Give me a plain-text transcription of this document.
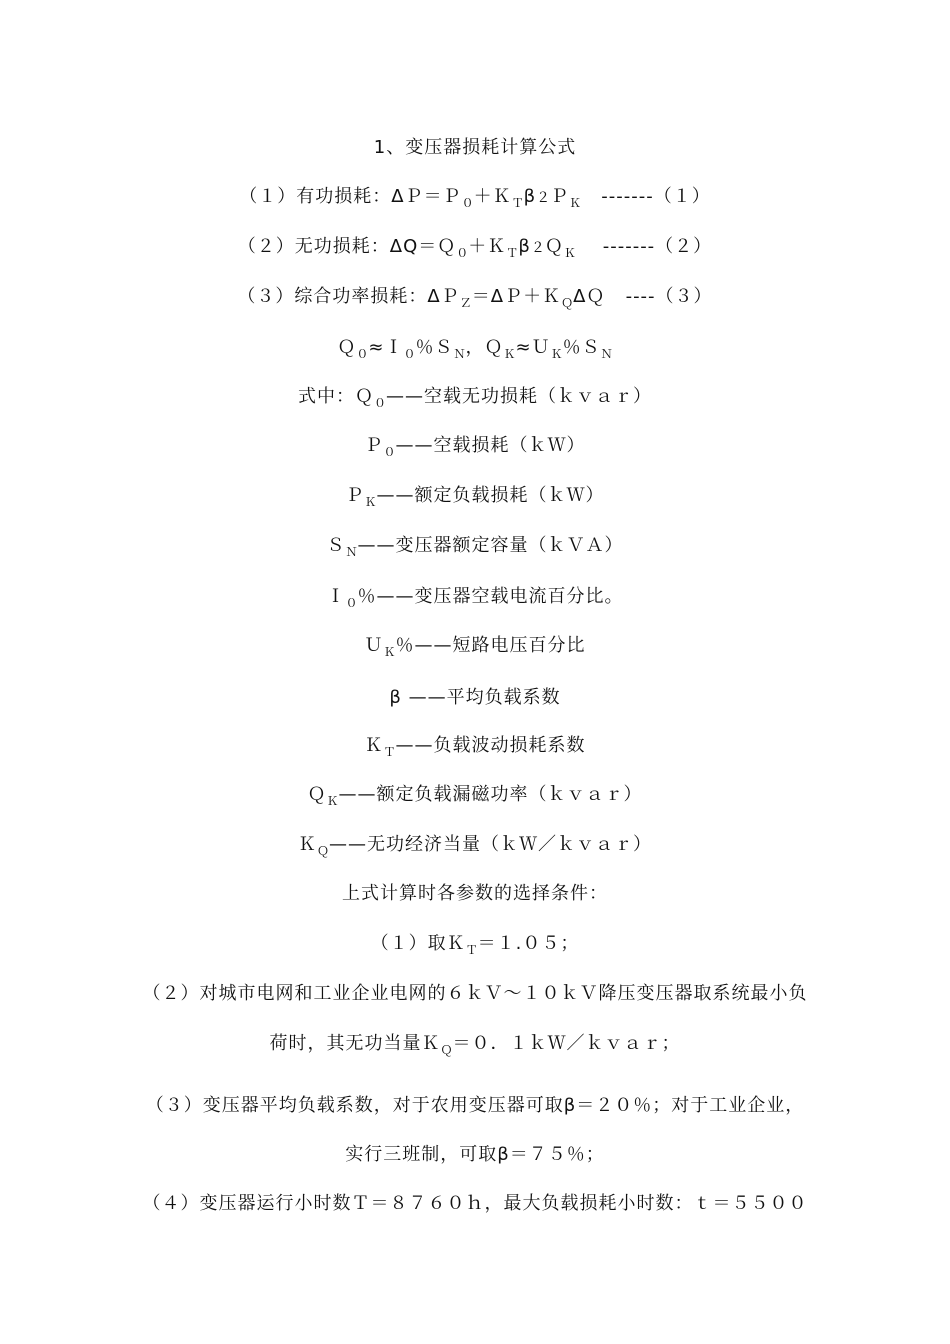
1、变压器损耗计算公式
（１）有功损耗：ΔＰ＝Ｐ$_0$＋Ｋ$_T$β２Ｐ$_K$   -------（１）
（２）无功损耗：ΔQ＝Ｑ$_0$＋Ｋ$_T$β２Ｑ$_K$    -------（２）
（３）综合功率损耗：ΔＰ$_Z$＝ΔＰ＋Ｋ$_Q$ΔＱ   ----（３）
Ｑ$_0$≈Ｉ$_0$％Ｓ$_N$，Ｑ$_K$≈Ｕ$_K$％Ｓ$_N$
式中：Ｑ$_0$——空载无功损耗（ｋｖａｒ）
Ｐ$_0$——空载损耗（ｋＷ）
Ｐ$_K$——额定负载损耗（ｋＷ）
Ｓ$_N$——变压器额定容量（ｋＶＡ）
Ｉ$_0$％——变压器空载电流百分比。
Ｕ$_K$％——短路电压百分比
β ——平均负载系数
Ｋ$_T$——负载波动损耗系数
Ｑ$_K$——额定负载漏磁功率（ｋｖａｒ）
Ｋ$_Q$——无功经济当量（ｋＷ／ｋｖａｒ）
上式计算时各参数的选择条件：
（１）取Ｋ$_T$＝１.０５；
（２）对城市电网和工业企业电网的６ｋＶ～１０ｋＶ降压变压器取系统最小负
荷时，其无功当量Ｋ$_Q$＝０．１ｋＷ／ｋｖａｒ；
（３）变压器平均负载系数，对于农用变压器可取β＝２０％；对于工业企业，
实行三班制，可取β＝７５％；
（４）变压器运行小时数Ｔ＝８７６０ｈ，最大负载损耗小时数：ｔ＝５５００
